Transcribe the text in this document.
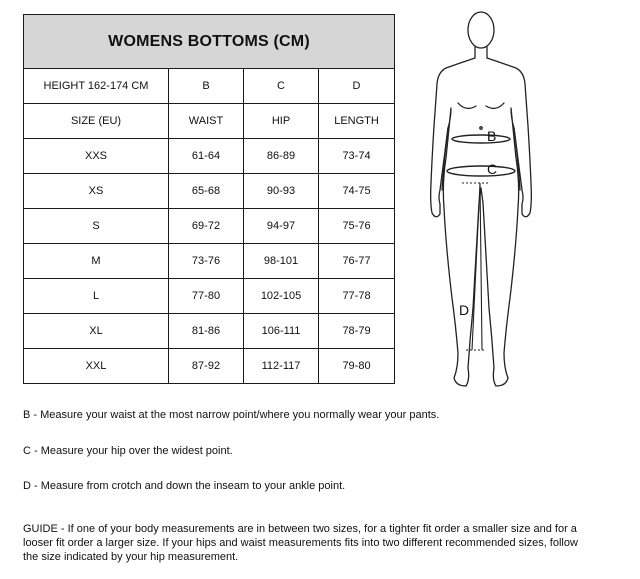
WOMENS BOTTOMS (CM)			
HEIGHT 162-174 CM	B	C	D
SIZE (EU)	WAIST	HIP	LENGTH
XXS	61-64	86-89	73-74
XS	65-68	90-93	74-75
S	69-72	94-97	75-76
M	73-76	98-101	76-77
L	77-80	102-105	77-78
XL	81-86	106-111	78-79
XXL	87-92	112-117	79-80
B
C
D
B - Measure your waist at the most narrow point/where you normally wear your pants.
C - Measure your hip over the widest point.
D - Measure from crotch and down the inseam to your ankle point.
GUIDE - If one of your body measurements are in between two sizes, for a tighter fit order a smaller size and for a looser fit order a larger size. If your hips and waist measurements fits into two different recommended sizes, follow the size indicated by your hip measurement.
